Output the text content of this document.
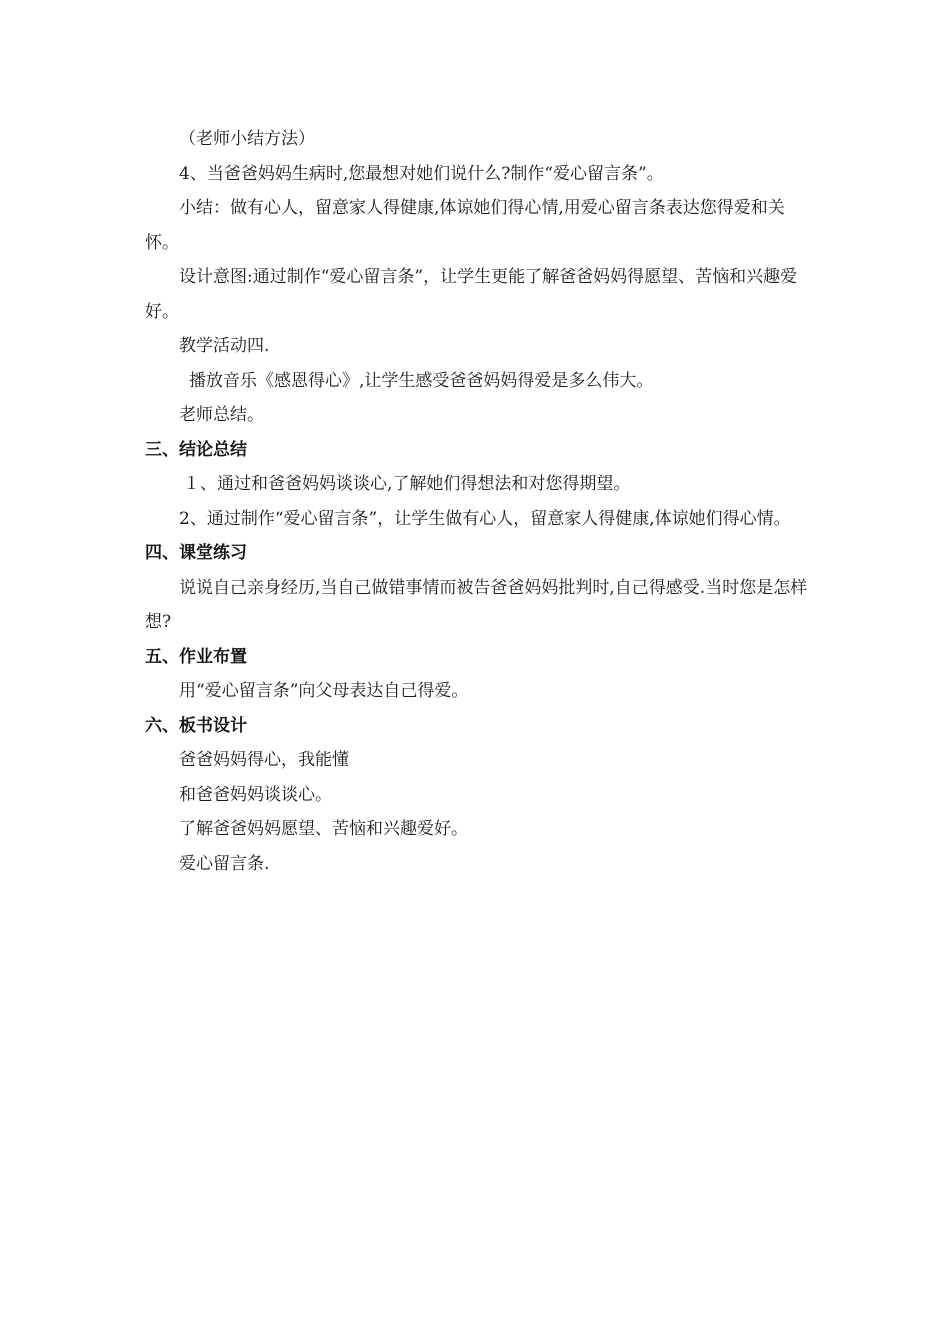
（老师小结方法）

4、当爸爸妈妈生病时,您最想对她们说什么?制作“爱心留言条”。

小结：做有心人，留意家人得健康,体谅她们得心情,用爱心留言条表达您得爱和关怀。

设计意图:通过制作“爱心留言条”，让学生更能了解爸爸妈妈得愿望、苦恼和兴趣爱好。

教学活动四.

播放音乐《感恩得心》,让学生感受爸爸妈妈得爱是多么伟大。

老师总结。

三、结论总结

１、通过和爸爸妈妈谈谈心,了解她们得想法和对您得期望。

2、通过制作“爱心留言条”，让学生做有心人，留意家人得健康,体谅她们得心情。

四、课堂练习

说说自己亲身经历,当自己做错事情而被告爸爸妈妈批判时,自己得感受.当时您是怎样想?

五、作业布置

用“爱心留言条”向父母表达自己得爱。

六、板书设计

爸爸妈妈得心，我能懂

和爸爸妈妈谈谈心。

了解爸爸妈妈愿望、苦恼和兴趣爱好。

爱心留言条.
